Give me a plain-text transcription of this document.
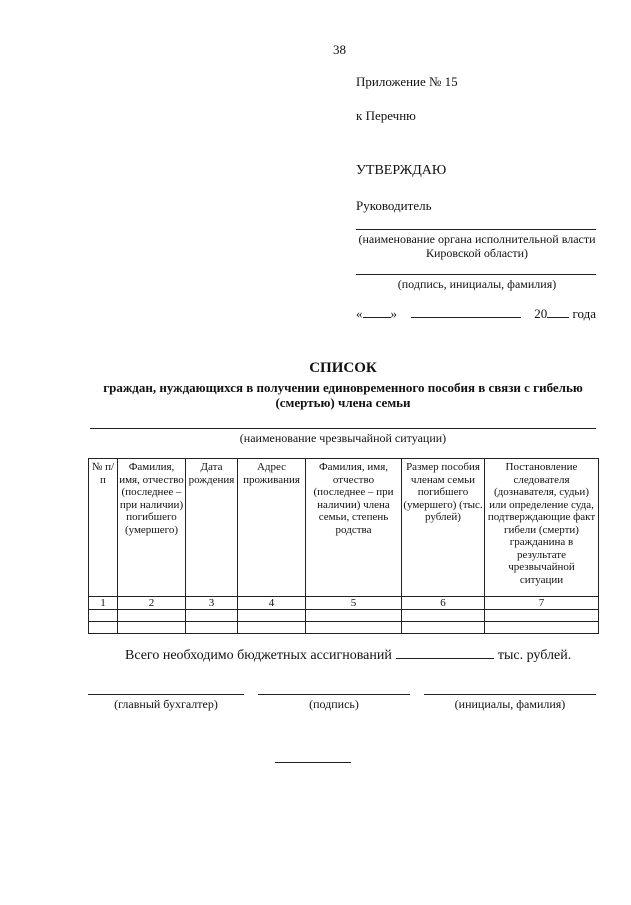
38
Приложение № 15
к Перечню
УТВЕРЖДАЮ
Руководитель
(наименование органа исполнительной власти Кировской области)
(подпись, инициалы, фамилия)
« »	20 года
СПИСОК
граждан, нуждающихся в получении единовременного пособия в связи с гибелью (смертью) члена семьи
(наименование чрезвычайной ситуации)
№ п/п	Фамилия, имя, отчество (последнее – при наличии) погибшего (умершего)	Дата рождения	Адрес проживания	Фамилия, имя, отчество (последнее – при наличии) члена семьи, степень родства	Размер пособия членам семьи погибшего (умершего) (тыс. рублей)	Постановление следователя (дознавателя, судьи) или определение суда, подтверждающие факт гибели (смерти) гражданина в результате чрезвычайной ситуации
1	2	3	4	5	6	7

Всего необходимо бюджетных ассигнований	тыс. рублей.
(главный бухгалтер)	(подпись)	(инициалы, фамилия)
